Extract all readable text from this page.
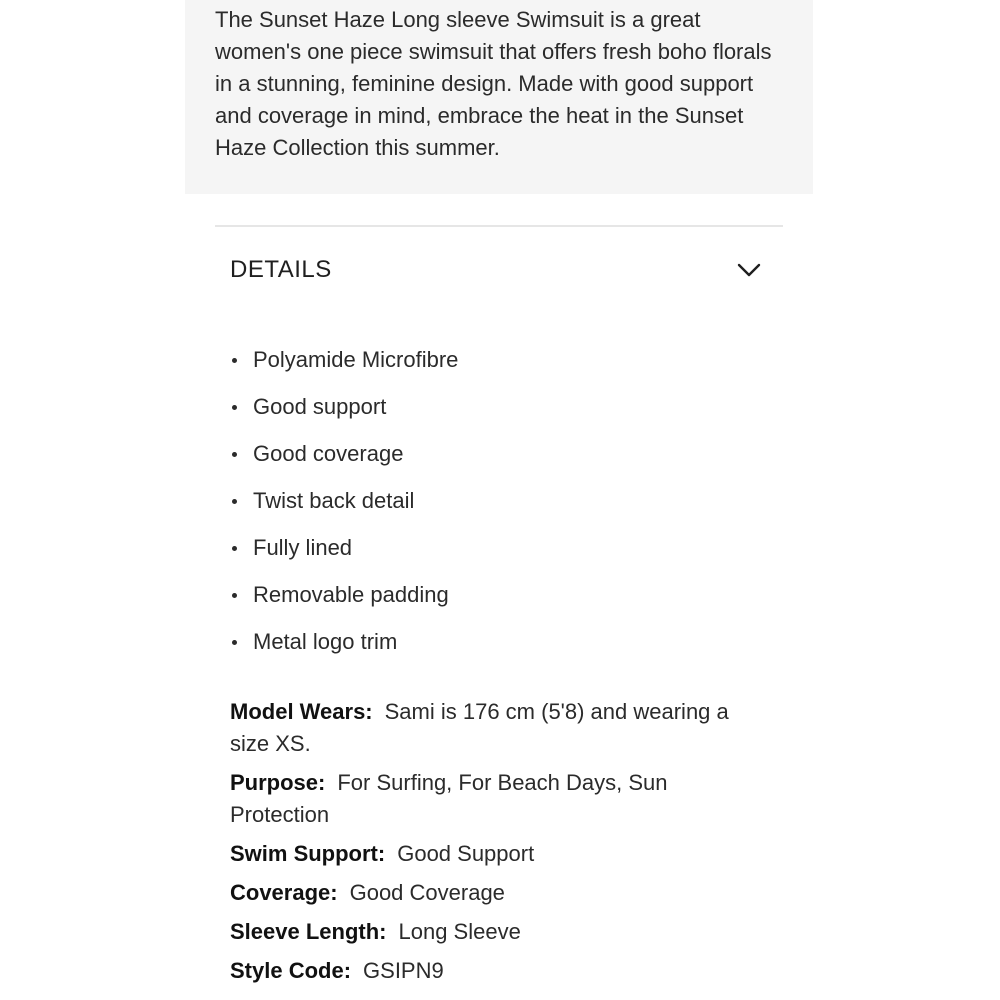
The Sunset Haze Long sleeve Swimsuit is a great women's one piece swimsuit that offers fresh boho florals in a stunning, feminine design. Made with good support and coverage in mind, embrace the heat in the Sunset Haze Collection this summer.

DETAILS
Polyamide Microfibre
Good support
Good coverage
Twist back detail
Fully lined
Removable padding
Metal logo trim
Model Wears: Sami is 176 cm (5'8) and wearing a size XS.
Purpose: For Surfing, For Beach Days, Sun Protection
Swim Support: Good Support
Coverage: Good Coverage
Sleeve Length: Long Sleeve
Style Code: GSIPN9
